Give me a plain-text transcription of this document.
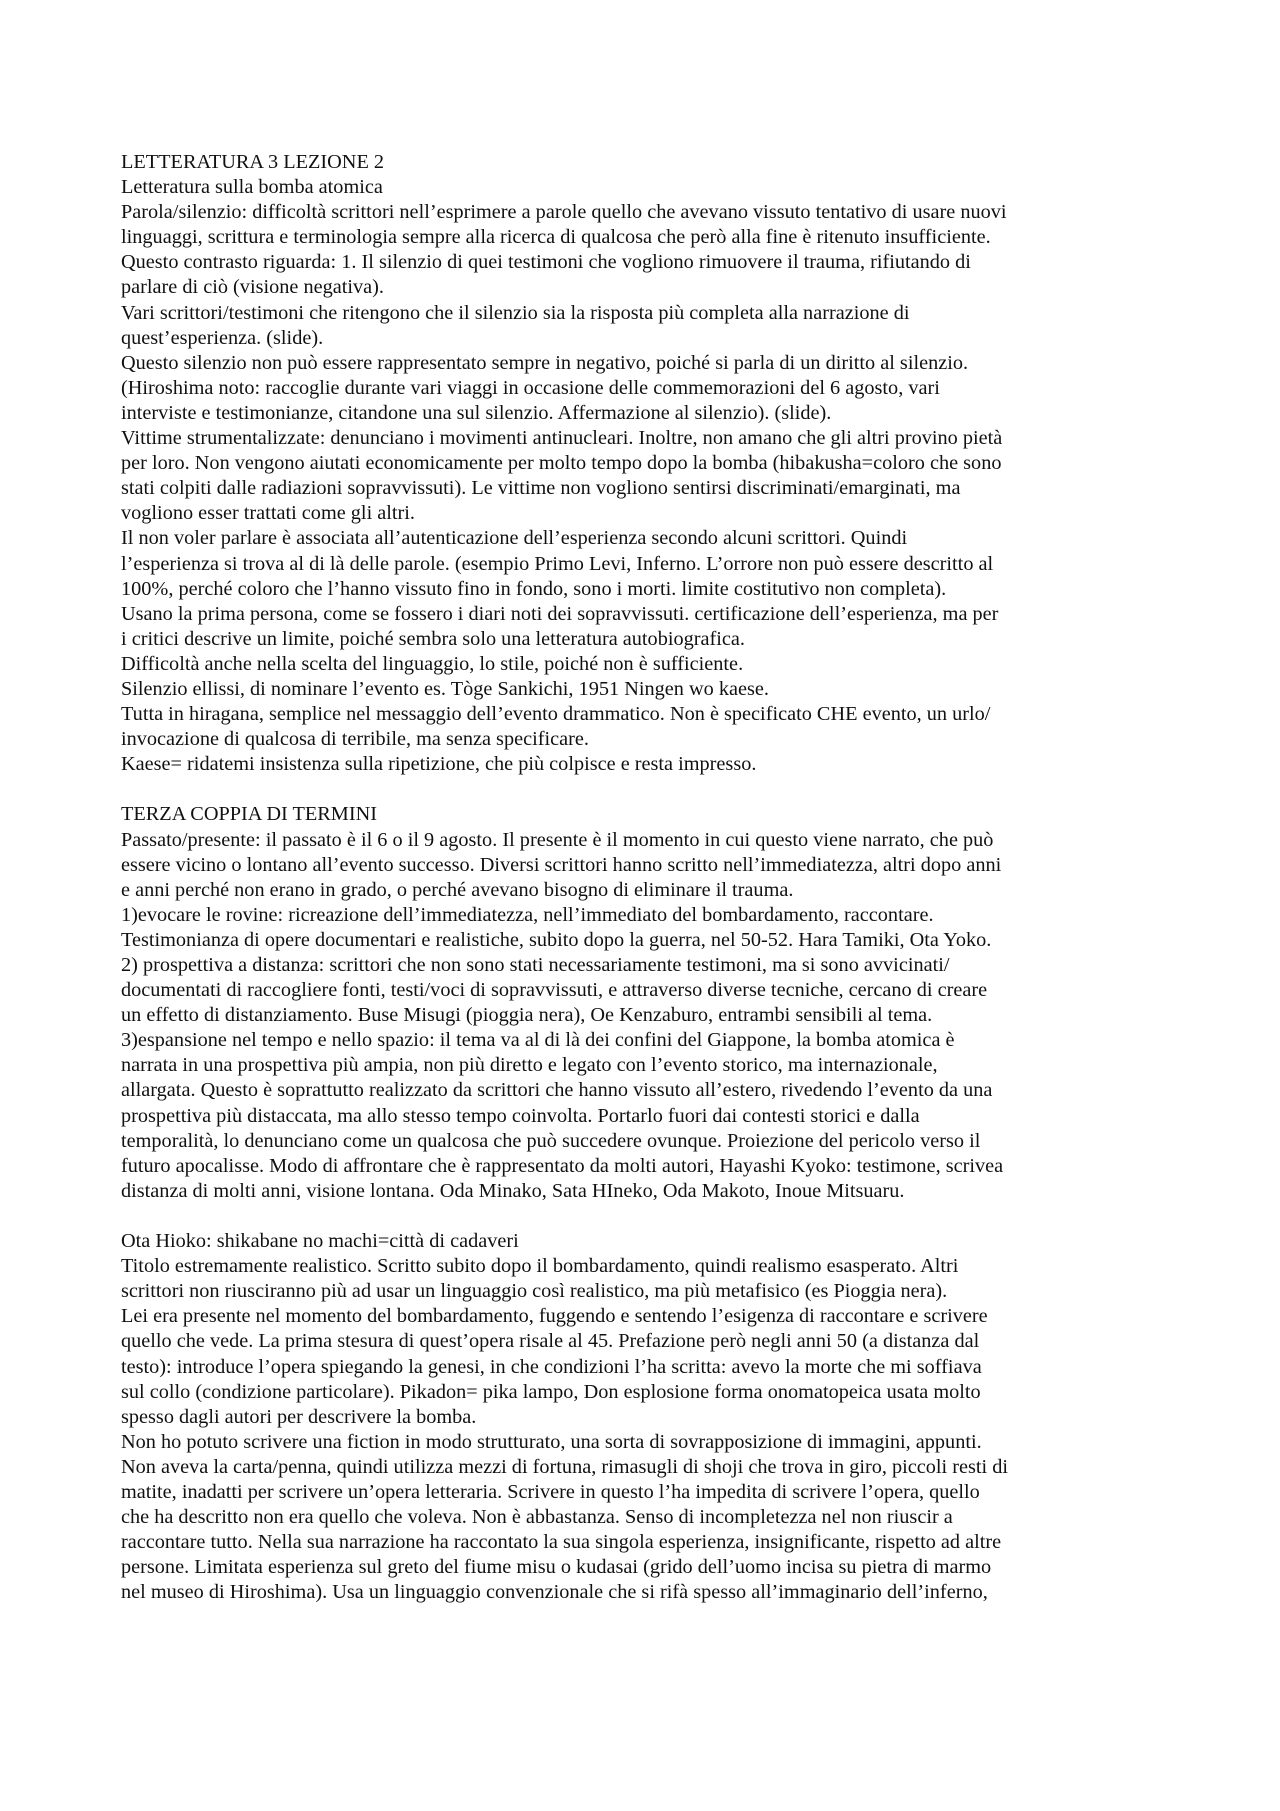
LETTERATURA 3 LEZIONE 2
Letteratura sulla bomba atomica
Parola/silenzio: difficoltà scrittori nell’esprimere a parole quello che avevano vissuto tentativo di usare nuovi
linguaggi, scrittura e terminologia sempre alla ricerca di qualcosa che però alla fine è ritenuto insufficiente.
Questo contrasto riguarda: 1. Il silenzio di quei testimoni che vogliono rimuovere il trauma, rifiutando di
parlare di ciò (visione negativa).
Vari scrittori/testimoni che ritengono che il silenzio sia la risposta più completa alla narrazione di
quest’esperienza. (slide).
Questo silenzio non può essere rappresentato sempre in negativo, poiché si parla di un diritto al silenzio.
(Hiroshima noto: raccoglie durante vari viaggi in occasione delle commemorazioni del 6 agosto, vari
interviste e testimonianze, citandone una sul silenzio. Affermazione al silenzio). (slide).
Vittime strumentalizzate: denunciano i movimenti antinucleari. Inoltre, non amano che gli altri provino pietà
per loro. Non vengono aiutati economicamente per molto tempo dopo la bomba (hibakusha=coloro che sono
stati colpiti dalle radiazioni sopravvissuti). Le vittime non vogliono sentirsi discriminati/emarginati, ma
vogliono esser trattati come gli altri.
Il non voler parlare è associata all’autenticazione dell’esperienza secondo alcuni scrittori. Quindi
l’esperienza si trova al di là delle parole. (esempio Primo Levi, Inferno. L’orrore non può essere descritto al
100%, perché coloro che l’hanno vissuto fino in fondo, sono i morti. limite costitutivo non completa).
Usano la prima persona, come se fossero i diari noti dei sopravvissuti. certificazione dell’esperienza, ma per
i critici descrive un limite, poiché sembra solo una letteratura autobiografica.
Difficoltà anche nella scelta del linguaggio, lo stile, poiché non è sufficiente.
Silenzio ellissi, di nominare l’evento es. Tòge Sankichi, 1951 Ningen wo kaese.
Tutta in hiragana, semplice nel messaggio dell’evento drammatico. Non è specificato CHE evento, un urlo/
invocazione di qualcosa di terribile, ma senza specificare.
Kaese= ridatemi insistenza sulla ripetizione, che più colpisce e resta impresso.
TERZA COPPIA DI TERMINI
Passato/presente: il passato è il 6 o il 9 agosto. Il presente è il momento in cui questo viene narrato, che può
essere vicino o lontano all’evento successo. Diversi scrittori hanno scritto nell’immediatezza, altri dopo anni
e anni perché non erano in grado, o perché avevano bisogno di eliminare il trauma.
1)evocare le rovine: ricreazione dell’immediatezza, nell’immediato del bombardamento, raccontare.
Testimonianza di opere documentari e realistiche, subito dopo la guerra, nel 50-52. Hara Tamiki, Ota Yoko.
2) prospettiva a distanza: scrittori che non sono stati necessariamente testimoni, ma si sono avvicinati/
documentati di raccogliere fonti, testi/voci di sopravvissuti, e attraverso diverse tecniche, cercano di creare
un effetto di distanziamento. Buse Misugi (pioggia nera), Oe Kenzaburo, entrambi sensibili al tema.
3)espansione nel tempo e nello spazio: il tema va al di là dei confini del Giappone, la bomba atomica è
narrata in una prospettiva più ampia, non più diretto e legato con l’evento storico, ma internazionale,
allargata. Questo è soprattutto realizzato da scrittori che hanno vissuto all’estero, rivedendo l’evento da una
prospettiva più distaccata, ma allo stesso tempo coinvolta. Portarlo fuori dai contesti storici e dalla
temporalità, lo denunciano come un qualcosa che può succedere ovunque. Proiezione del pericolo verso il
futuro apocalisse. Modo di affrontare che è rappresentato da molti autori, Hayashi Kyoko: testimone, scrivea
distanza di molti anni, visione lontana. Oda Minako, Sata HIneko, Oda Makoto, Inoue Mitsuaru.
Ota Hioko: shikabane no machi=città di cadaveri
Titolo estremamente realistico. Scritto subito dopo il bombardamento, quindi realismo esasperato. Altri
scrittori non riusciranno più ad usar un linguaggio così realistico, ma più metafisico (es Pioggia nera).
Lei era presente nel momento del bombardamento, fuggendo e sentendo l’esigenza di raccontare e scrivere
quello che vede. La prima stesura di quest’opera risale al 45. Prefazione però negli anni 50 (a distanza dal
testo): introduce l’opera spiegando la genesi, in che condizioni l’ha scritta: avevo la morte che mi soffiava
sul collo (condizione particolare). Pikadon= pika lampo, Don esplosione forma onomatopeica usata molto
spesso dagli autori per descrivere la bomba.
Non ho potuto scrivere una fiction in modo strutturato, una sorta di sovrapposizione di immagini, appunti.
Non aveva la carta/penna, quindi utilizza mezzi di fortuna, rimasugli di shoji che trova in giro, piccoli resti di
matite, inadatti per scrivere un’opera letteraria. Scrivere in questo l’ha impedita di scrivere l’opera, quello
che ha descritto non era quello che voleva. Non è abbastanza. Senso di incompletezza nel non riuscir a
raccontare tutto. Nella sua narrazione ha raccontato la sua singola esperienza, insignificante, rispetto ad altre
persone. Limitata esperienza sul greto del fiume misu o kudasai (grido dell’uomo incisa su pietra di marmo
nel museo di Hiroshima). Usa un linguaggio convenzionale che si rifà spesso all’immaginario dell’inferno,
